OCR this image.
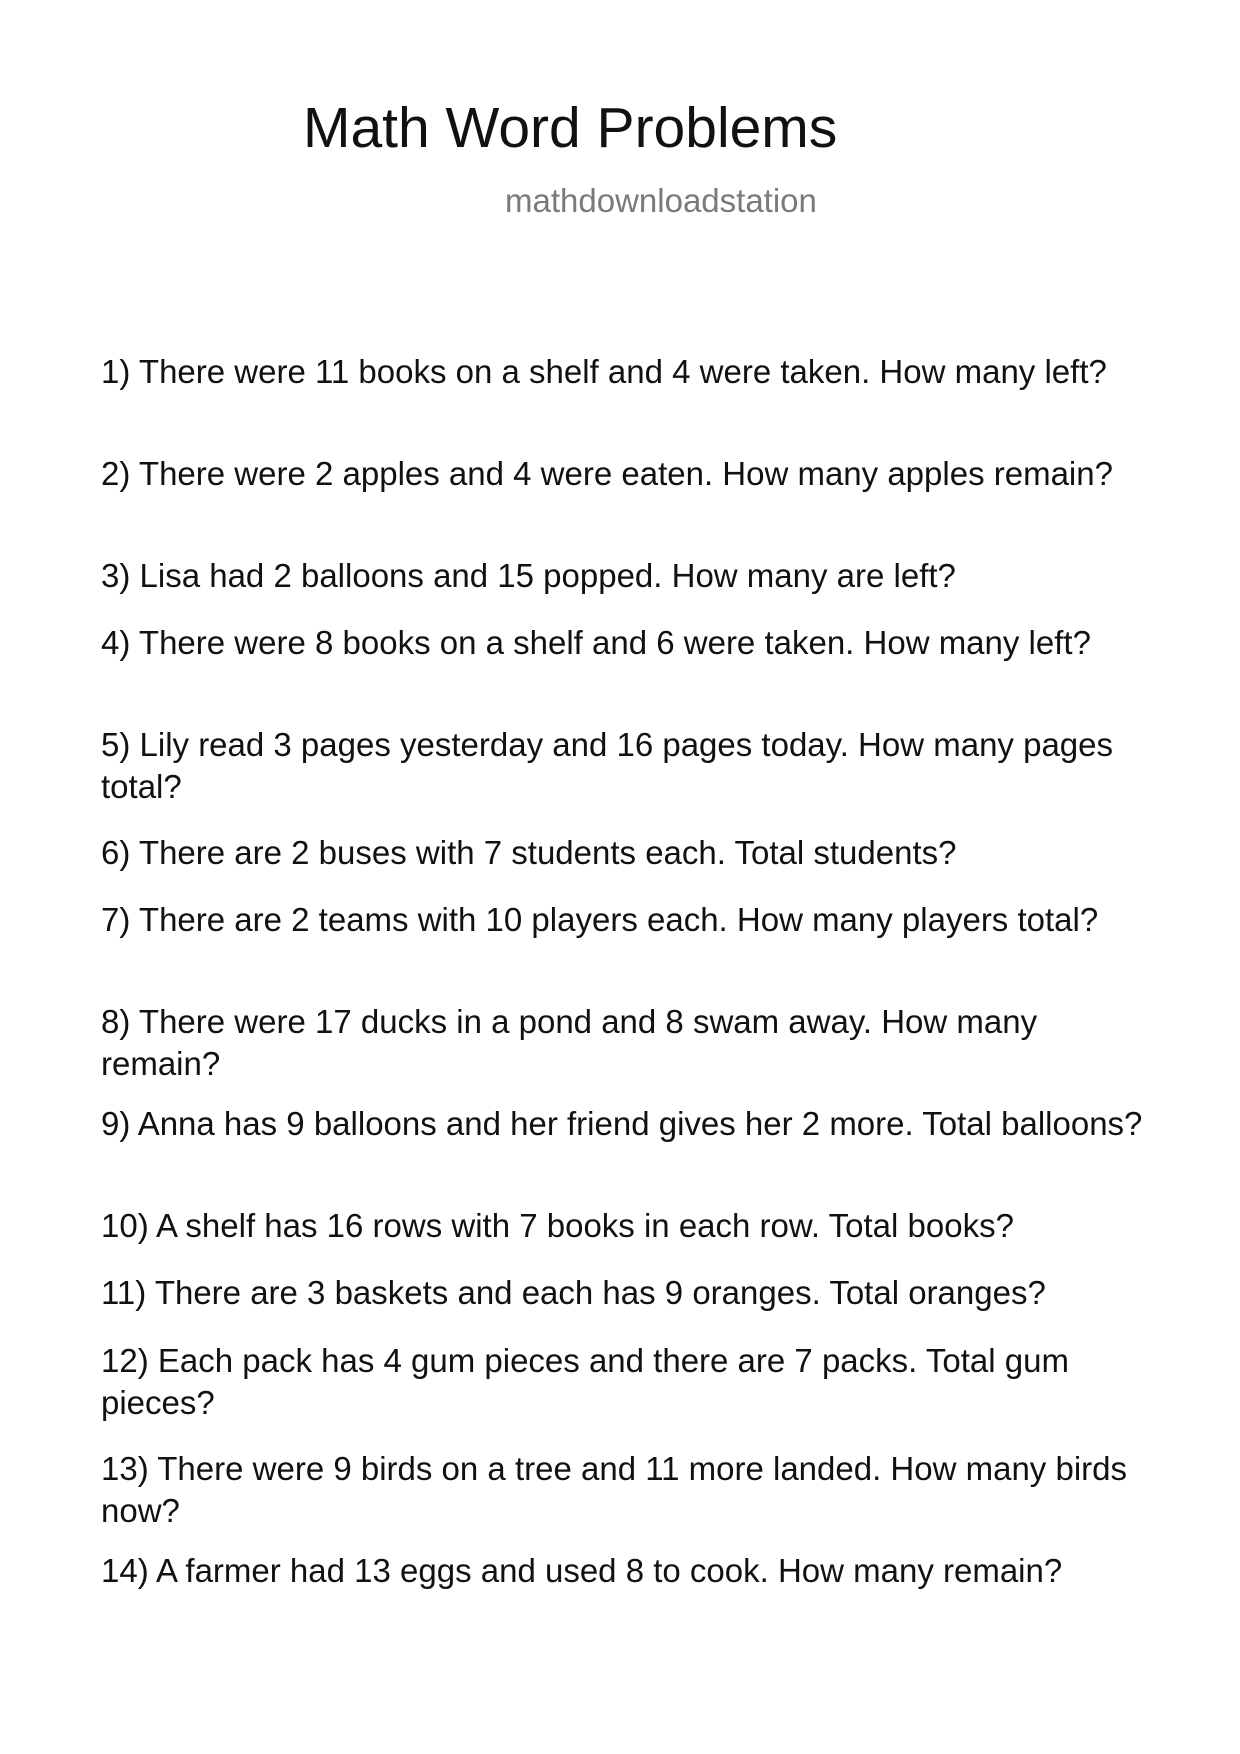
Math Word Problems
mathdownloadstation

1) There were 11 books on a shelf and 4 were taken. How many left?

2) There were 2 apples and 4 were eaten. How many apples remain?

3) Lisa had 2 balloons and 15 popped. How many are left?

4) There were 8 books on a shelf and 6 were taken. How many left?

5) Lily read 3 pages yesterday and 16 pages today. How many pages total?

6) There are 2 buses with 7 students each. Total students?

7) There are 2 teams with 10 players each. How many players total?

8) There were 17 ducks in a pond and 8 swam away. How many remain?

9) Anna has 9 balloons and her friend gives her 2 more. Total balloons?

10) A shelf has 16 rows with 7 books in each row. Total books?

11) There are 3 baskets and each has 9 oranges. Total oranges?

12) Each pack has 4 gum pieces and there are 7 packs. Total gum pieces?

13) There were 9 birds on a tree and 11 more landed. How many birds now?

14) A farmer had 13 eggs and used 8 to cook. How many remain?
